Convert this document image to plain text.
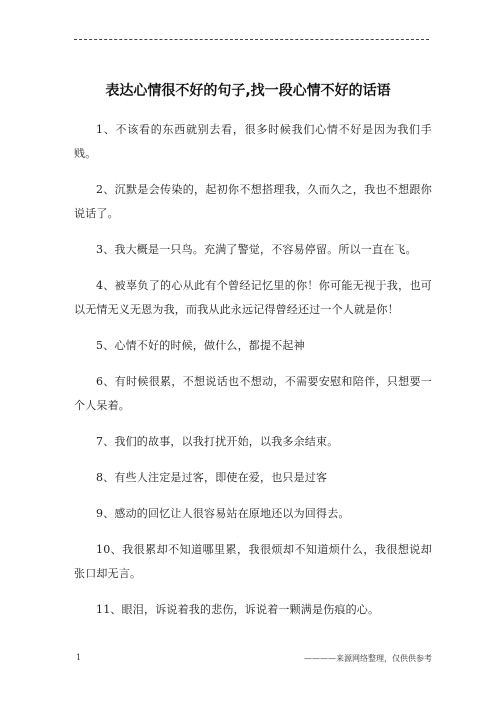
表达心情很不好的句子,找一段心情不好的话语

1、不该看的东西就别去看，很多时候我们心情不好是因为我们手贱。

2、沉默是会传染的，起初你不想搭理我，久而久之，我也不想跟你说话了。

3、我大概是一只鸟。充满了警觉，不容易停留。所以一直在飞。

4、被辜负了的心从此有个曾经记忆里的你！你可能无视于我，也可以无情无义无恩为我，而我从此永远记得曾经还过一个人就是你！

5、心情不好的时候，做什么，都提不起神

6、有时候很累，不想说话也不想动，不需要安慰和陪伴，只想要一个人呆着。

7、我们的故事，以我打扰开始，以我多余结束。

8、有些人注定是过客，即使在爱，也只是过客

9、感动的回忆让人很容易站在原地还以为回得去。

10、我很累却不知道哪里累，我很烦却不知道烦什么，我很想说却张口却无言。

11、眼泪，诉说着我的悲伤，诉说着一颗满是伤痕的心。

1	————来源网络整理，仅供供参考
